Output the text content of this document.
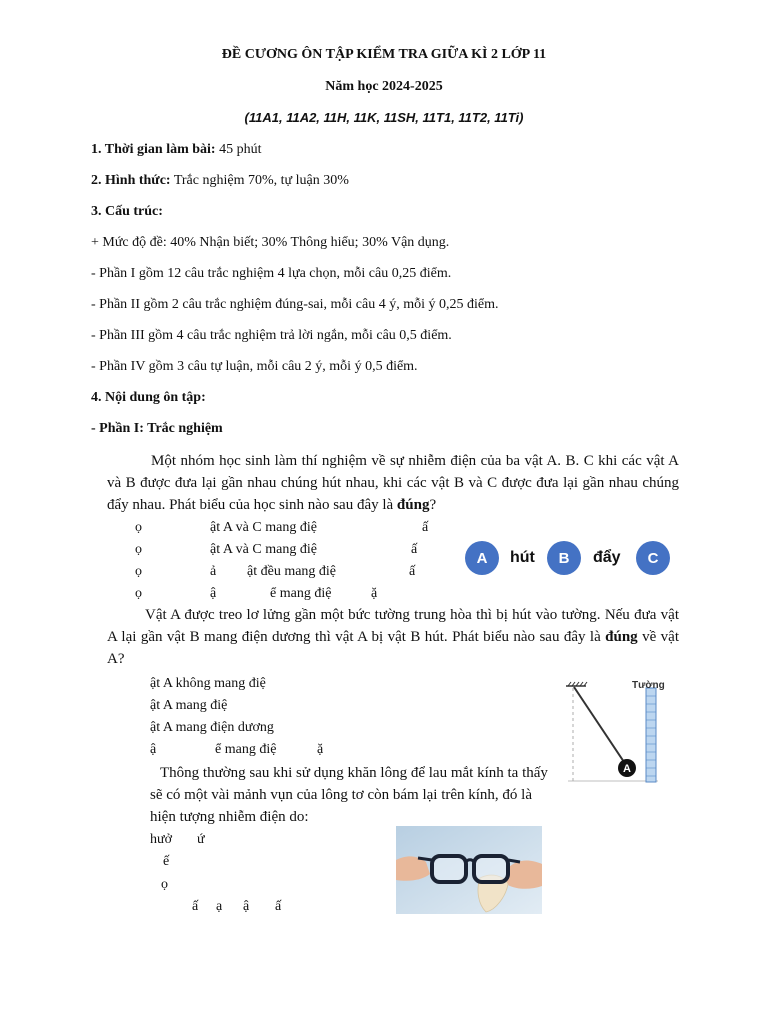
ĐỀ CƯƠNG ÔN TẬP KIỂM TRA GIỮA KÌ 2 LỚP 11
Năm học 2024-2025
(11A1, 11A2, 11H, 11K, 11SH, 11T1, 11T2, 11Ti)
1. Thời gian làm bài: 45 phút
2. Hình thức: Trắc nghiệm 70%, tự luận 30%
3. Cấu trúc:
+ Mức độ đề: 40% Nhận biết; 30% Thông hiểu; 30% Vận dụng.
- Phần I gồm 12 câu trắc nghiệm 4 lựa chọn, mỗi câu 0,25 điểm.
- Phần II gồm 2 câu trắc nghiệm đúng-sai, mỗi câu 4 ý, mỗi ý 0,25 điểm.
- Phần III gồm 4 câu trắc nghiệm trả lời ngắn, mỗi câu 0,5 điểm.
- Phần IV gồm 3 câu tự luận, mỗi câu 2 ý, mỗi ý 0,5 điểm.
4. Nội dung ôn tập:
- Phần I: Trắc nghiệm
Một nhóm học sinh làm thí nghiệm về sự nhiễm điện của ba vật A. B. C khi các vật A và B được đưa lại gần nhau chúng hút nhau, khi các vật B và C được đưa lại gần nhau chúng đẩy nhau. Phát biểu của học sinh nào sau đây là đúng?
ọ	ật A và C mang điệ	ấ
ọ	ật A và C mang điệ	ấ
ọ	ả ật đều mang điệ	ấ
ọ	ậ	ể mang điệ	ặ
A	hút	B	đẩy	C
Vật A được treo lơ lửng gần một bức tường trung hòa thì bị hút vào tường. Nếu đưa vật A lại gần vật B mang điện dương thì vật A bị vật B hút. Phát biểu nào sau đây là đúng về vật A?
ật A không mang điệ
ật A mang điệ
ật A mang điện dương
ậ	ể mang điệ	ặ
Tường
A
Thông thường sau khi sử dụng khăn lông để lau mắt kính ta thấy sẽ có một vài mảnh vụn của lông tơ còn bám lại trên kính, đó là hiện tượng nhiễm điện do:
hưở ứ
ế
ọ
ấ ạ ậ ấ
